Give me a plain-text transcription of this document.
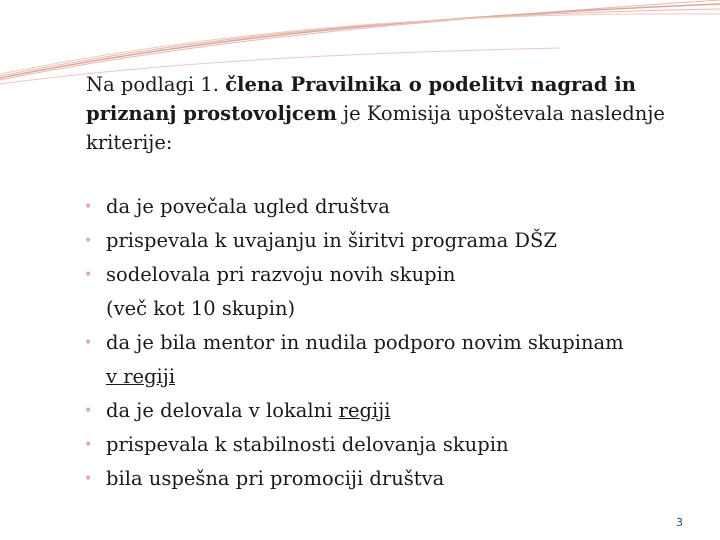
Na podlagi 1. člena Pravilnika o podelitvi nagrad in priznanj prostovoljcem je Komisija upoštevala naslednje kriterije:
• da je povečala ugled društva
• prispevala k uvajanju in širitvi programa DŠZ
• sodelovala pri razvoju novih skupin
(več kot 10 skupin)
• da je bila mentor in nudila podporo novim skupinam
v regiji
• da je delovala v lokalni regiji
• prispevala k stabilnosti delovanja skupin
• bila uspešna pri promociji društva
3
